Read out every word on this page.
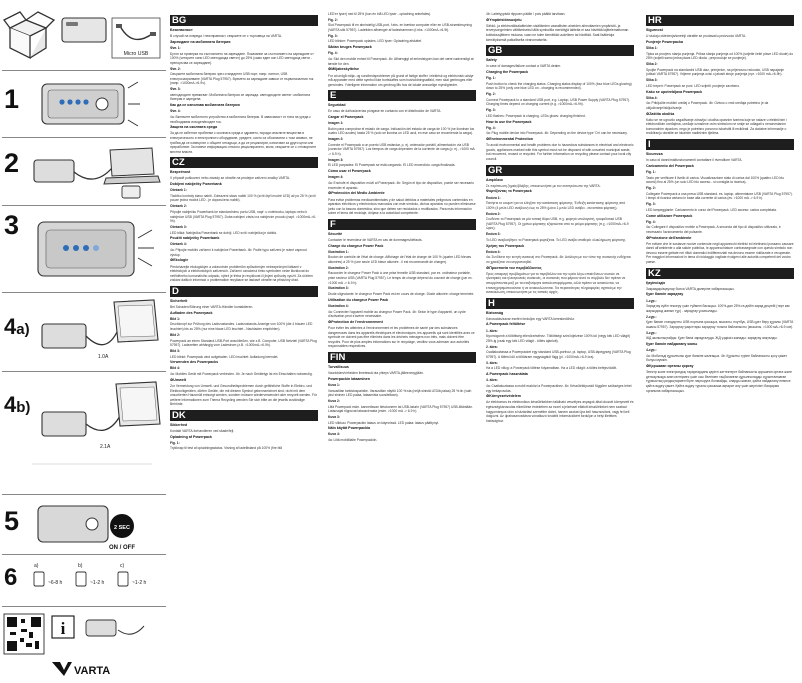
Micro USB
1
2
3
4a)
1.0A
4b)
2.1A
5	2 SEC
ON / OFF
6	a)	b)	c)
~6-8 h	~1-2 h	~1-2 h
i
VARTA
BG

Безопасност

В случай на повреда / неизправност, свържете се с търговеца на VARTA.

Зареждане на мобилната батерия

Фиг. 1:

Бутон за проверка на състоянието на зареждане. Показание за състоянието на зареждане от 100% (четирите сини LED светодиода светят) до 25% (само един син LED светодиод свети - препоръчва се зареждане).

Фиг. 2:

Свържете мобилната батерия чрез стандартен USB порт, напр. лаптоп, USB електрозахранване (VARTA Plug 57957). Времето за зареждане зависи от първоначалния ток (напр. >1000mA->6-9ч).

Фиг. 3:

светодиодите премигват: Мобилната батерия се зарежда. светодиодите светят: мобилната батерия е заредена.

Как да се използва мобилната батерия

Фиг. 4:

4а: Включете мобилното устройство в мобилната батерия. В зависимост от типа на уреда с необходимия изходен/входен ток.

Защита на околната среда

За да се избегнат проблеми с околната среда и здравето, поради опасните вещества в електрическото и електронното оборудване, уредите, които са обозначени с този символ, не трябва да се изхвърлят с общите отпадъци, а да се рециклират, използват за други цели или преработват. За повече информация относно рециклирането, моля, свържете се с отговорните местни власти.

CZ

Bezpečnost

V případě poškození nebo závady se obraťte na prodejce zařízení značky VARTA.

Dobíjení nabíječky Powerbank

Obrázek 1:

Tlačítko kontroly stavu nabití. Zobrazení stavu nabití 100 % (svítí čtyři modré LED) až po 25 % (svítí pouze jedna modrá LED - je doporučeno nabití).

Obrázek 2:

Připojte nabíječku Powerbank ke standardnímu portu USB, např. u notebooku, laptopu nebo k nabíječce USB (VARTA Plug 57957). Doba nabíjení závisí na nabíjecím proudu (např. >1000mA->6-9h).

Obrázek 3:

LED bliká: Nabíječka Powerbank se dobíjí. LED svítí: nabíječka je dobitá.

Použití nabíječky Powerbank

Obrázek 4:

4a: Připojte mobilní zařízení k nabíječce Powerbank. 4b: Podle typu zařízení je nutné zapnout výstup.

♻ Ekologie

Předcházejte ekologickým a zdravotním problémům způsobeným nebezpečnými látkami v elektrických a elektronických zařízeních. Zařízení označená tímto symbolem nelze likvidovat do netříděného komunálního odpadu, nýbrž je třeba je recyklovat či jinými způsoby využít. Za účelem získání dalších informací o problematice recyklace se laskavě obraťte na příslušný úřad.

D

Sicherheit

Bei Schaden/Störung einer VARTA-Händler kontaktieren.

Aufladen des Powerpack

Bild 1:

Druckknopf zur Prüfung des Ladezustandes. Ladezustands-Anzeige von 100% (die 4 blauen LED leuchten) bis zu 25% (nur eine blaue LED leuchtet - Nachladen empfohlen).

Bild 2:

Powerpack an einen Standard-USB-Port anschließen, wie z.B. Computer, USB Netzteil (VARTA Plug 57957). Ladezeiten abhängig vom Ladestrom (z.B. >1000mA->6-9h).

Bild 3:

LED blinkt: Powerpack wird aufgeladen. LED leuchtet: Aufladung beendet.

Verwenden des Powerpacks

Bild 4:

4a: Mobiles Gerät mit Powerpack verbinden. 4b: Je nach Gerätetyp ist ein Einschalten notwendig.

♻ Umwelt

Zur Vermeidung von Umwelt- und Gesundheitsproblemen durch gefährliche Stoffe in Elektro- und Elektronikgeräten, dürfen Geräte, die mit diesem Symbol gekennzeichnet sind, nicht mit dem unsortierten Hausmüll entsorgt werden, sondern müssen wiederverwendet oder recycelt werden. Für weitere Informationen zum Thema Recycling wenden Sie sich bitte an die jeweils zuständige Behörde.

DK

Sikkerhed

Kontakt VARTA-forhandleren ved skade/fejl.

Opladning af Powerpack

Fig. 1:

Trykknap til test af opladningsstatus. Visning af ladetilstand på 100% (fire blå

LED'er lyser) ned til 25% (kun én blå LED lyser - opladning anbefales).

Fig. 2:

Slut Powerpack til en almindelig USB-port, f.eks. en bærbar computer eller en USB-strømforsyning (VARTA stik 57957). Ladetiden afhænger af ladestrømmen (f.eks. >1000mA->6-9t).

Fig. 3:

LED blinker: Powerpack oplades. LED lyser: Opladning afsluttet.

Sådan bruges Powerpack

Fig. 4:

4a: Slut den mobile enhed til Powerpack. 4b: Afhængigt af enhedstypen kan det være nødvendigt at tænde for den.

♻ Miljøbeskyttelse

For at undgå miljø- og sundhedsproblemer på grund af farlige stoffer i elektrisk og elektronisk udstyr må apparater med dette symbol ikke bortskaffes som husholdningsaffald, men skal genbruges eller genvindes. Yderligere information om genbrug fås hos de lokale ansvarlige myndigheder.

E

Seguridad

En caso de daños/averías póngase en contacto con el distribuidor de VARTA.

Cargar el Powerpack

Imagen 1:

Botón para comprobar el estado de carga. Indicación del estado de carga de 100 % (se iluminan los cuatro LED azules) hasta 25 % (solo se ilumina un LED azul, en ese caso se recomienda la carga).

Imagen 2:

Conecte el Powerpack a un puerto USB estándar, p. ej. ordenador portátil, alimentación vía USB (conector VARTA 57957). Los tiempos de carga dependen de la corriente de carga (p. ej., >1000 mA -> 6-9 h).

Imagen 3:

El LED parpadea: El Powerpack se está cargando. El LED encendido: carga finalizada.

Cómo usar el Powerpack

Imagen 4:

4a: Enchufe el dispositivo móvil al Powerpack. 4b: Según el tipo de dispositivo, puede ser necesario encender el aparato.

♻ Protección del Medio Ambiente

Para evitar problemas medioambientales y de salud debidos a materiales peligrosos contenidos en aparatos eléctricos y electrónicos marcados con este símbolo, dichos aparatos no pueden eliminarse junto con la basura doméstica, sino que deben ser reciclados o reutilizados. Para más información sobre el tema del reciclaje, diríjase a la autoridad competente.

F

Sécurité

Contacter le revendeur de VARTA en cas de dommages/défauts.

Charge du chargeur Power Pack

Illustration 1:

Bouton de contrôle de l'état de charge. Affichage de l'état de charge de 100 % (quatre LED bleues allumées) à 25 % (une seule LED bleue allumée - il est recommandé de charger).

Illustration 2:

Raccorder le chargeur Power Pack à une prise femelle USB standard, par ex. ordinateur portable, prise secteur USB (VARTA Plug 57957). Le temps de charge dépend du courant de charge (par ex. >1000 mA -> 6-9 h).

Illustration 3:

Diode clignotante: le chargeur Power Pack est en cours de charge. Diode allumée: charge terminée.

Utilisation du chargeur Power Pack

Illustration 4:

4a: Connecter l'appareil mobile au chargeur Power Pack. 4b: Selon le type d'appareil, un cycle d'activation peut s'avérer nécessaire.

♻ Protection de l'environnement

Pour éviter les atteintes à l'environnement et les problèmes de santé par des substances dangereuses dans les appareils électriques et électroniques, les appareils qui sont identifiés avec ce symbole ne doivent pas être éliminés dans les déchets ménagers non triés, mais doivent être recyclés. Pour de plus amples informations sur le recyclage, veuillez vous adresser aux autorités responsables respectives.

FIN

Turvallisuus

Vaurioiden/virheiden ilmetessä ota yhteys VARTA-jälleenmyyjään.

Powerpackin lataaminen

Kuva 1:

Varaustilan tarkistuspainike. Varaustilan näyttö 100 %:sta (neljä sinistä LEDiä palaa) 25 %:iin (vain yksi sininen LED palaa, lataamista suositellaan).

Kuva 2:

Liitä Powerpack esim. kannettavan tietokoneen tai USB-laturin (VARTA Plug 57957) USB-liitäntään. Latausajat riippuvat latausvirrasta (esim. >1000 mA -> 6-9 h).

Kuva 3:

LED vilkkuu: Powerpackin lataus on käynnissä. LED palaa: lataus päättynyt.

Näin käytät Powerpackia

Kuva 4:

4a: Liitä mobiililaite Powerpackiin.

4b: Laitetyypistä riippuen päälle / pois päältä tarvitaan.

♻ Ympäristönsuojelu

Sähkö- ja elektroniikkalaitteiden sisältämien vaarallisten aineiden aiheuttamien ympäristö- ja terveysongelmien välttämiseksi tällä symbolilla merkittyjä laitteita ei saa hävittää lajittelemattoman kotitalousjätteen mukana, vaan ne tulee kierrättää uudelleen tai hävittää. Saat lisätietoja kierrätyksestä paikalliselta viranomaiselta.

GB

Safety

In case of damages/failure contact a VARTA dealer.

Charging the Powerpack

Fig. 1:

Push button to check the charging status. Charging status display of 100% (four blue LEDs glowing) down to 25% (only one blue LED on - charging is recommended).

Fig. 2:

Connect Powerpack to a standard USB port, e.g. Laptop, USB Power Supply (VARTA Plug 57957). Charging times depend on charging current (e.g. >1000mA->6-9h).

Fig. 3:

LED flashes: Powerpack is charging. LEDs glows: charging finished.

How to use the Powerpack

Fig. 4:

4a: Plug mobile device into Powerpack. 4b: Depending on the device type 'On' can be necessary.

♻ Environmental Protection

To avoid environmental and health problems due to hazardous substances in electrical and electronic goods, appliances marked with this symbol must not be disposed of with unsorted municipal waste, but recovered, reused or recycled. For further information on recycling please contact your local city council.

GR

Ασφάλεια

Σε περίπτωση ζημιάς/βλάβης, επικοινωνήστε με τον αντιπρόσωπο της VARTA.

Φορτίζοντας το Powerpack

Εικόνα 1:

Πατήστε το κουμπί για να ελέγξετε την κατάσταση φόρτισης. Ένδειξη κατάστασης φόρτισης από 100% (4 μπλε LED ανάβουν) έως το 25% (μόνο 1 μπλε LED ανάβει - συνιστάται φόρτιση).

Εικόνα 2:

Συνδέστε το Powerpack σε μία τυπική θύρα USB, π.χ. φορητό υπολογιστή, τροφοδοτικό USB (VARTA Plug 57957). Οι χρόνοι φόρτισης εξαρτώνται από το ρεύμα φόρτισης (π.χ. >1000mA->6-9 ώρες).

Εικόνα 3:

Το LED αναβοσβήνει: το Powerpack φορτίζεται. Το LED ανάβει σταθερά: ολοκλήρωση φόρτισης.

Χρήση του Powerpack

Εικόνα 4:

4a: Συνδέστε την κινητή συσκευή στο Powerpack. 4b: Ανάλογα με τον τύπο της συσκευής ενδέχεται να χρειάζεται να ενεργοποιηθεί.

♻ Προστασία του περιβάλλοντος

Προς αποφυγή προβλημάτων για το περιβάλλον και την υγεία λόγω επικίνδυνων ουσιών σε ηλεκτρικές και ηλεκτρονικές συσκευές, οι συσκευές που φέρουν αυτό το σύμβολο δεν πρέπει να απορρίπτονται μαζί με τα αταξινόμητα αστικά απορρίμματα, αλλά πρέπει να ανακτώνται, να επαναχρησιμοποιούνται ή να ανακυκλώνονται. Για περισσότερες πληροφορίες σχετικά με την ανακύκλωση, επικοινωνήστε με τις τοπικές αρχές.

H

Biztonság

Károsodás/zavar esetén forduljon egy VARTA kereskedőhöz.

A Powerpack feltöltése

1. ábra:

Nyomógomb a töltöttség ellenőrzéséhez. Töltöttségi szint kijelzése 100%-tól (négy kék LED világít) 25%-ig (csak egy kék LED világít - töltés ajánlott).

2. ábra:

Csatlakoztassa a Powerpacket egy standard USB-porthoz, pl. laptop, USB-tápegység (VARTA Plug 57957). A töltési idő a töltőáram nagyságától függ (pl. >1000mA->6-9 óra).

3. ábra:

Ha a LED villog: a Powerpack töltése folyamatban. Ha a LED világít: a töltés befejeződött.

A Powerpack használata

4. ábra:

4a: Csatlakoztassa a mobil eszközt a Powerpackhez. 4b: Készüléktípustól függően szükséges lehet egy bekapcsolás.

♻ Környezetvédelem

Az elektromos és elektronikus készülékekben található veszélyes anyagok által okozott környezeti és egészségkárosodás elkerülése érdekében az ezzel a jelzéssel ellátott készülékeket nem szabad hagyományos útón a háztartási szemétbe dobni, hanem azokat újra kell hasznosítani, vagy fel kell dolgozni. Az újrahasznosításra vonatkozó további információkért forduljon a helyi illetékes hatósághoz.

HR

Sigurnost

U slučaju oštećenja/smetnji obratite se prodavaču proizvoda VARTA.

Punjenje Powerpacka

Slika 1:

Tipka za provjeru stanja punjenja. Prikaz stanja punjenja od 100% (svijetle četiri plave LED diode) do 25% (svijetli samo jedna plava LED dioda - preporučuje se punjenje).

Slika 2:

Spojite Powerpack na standardni USB ulaz, primjerice, na prijenosno računalo, USB napajanje (utikač VARTA 57957). Vrijeme punjenja ovisi o jakosti struje punjenja (npr. >1000 mA->6-9h).

Slika 3:

LED treperi: Powerpack se puni. LED svijetli: punjenje završeno.

Kako se upotrebljava Powerpack

Slika 4:

4a: Priključite mobilni uređaj u Powerpack. 4b: Ovisno o vrsti uređaja potrebno je da uključivanje/isključivanje.

♻ Zaštita okoliša

Kako se ne ugrozilo zagađivanje zdravlja i okoliša opasnim tvarima koje se nalaze u električnim i elektroničkim uređajima, uređaje označene ovim simbolom ne smije se odlagati s nerazvrstanim komunalnim otpadom, nego je potrebno ponovno iskoristiti ili reciklirati. Za dodatne informacije o recikliranju obratite se lokalnim nadležnim tijelima.

I

Sicurezza

In caso di danni/malfunzionamenti contattare il rivenditore VARTA.

Caricamento del Powerpack

Fig. 1:

Tasto per verificare il livello di carica. Visualizzazione stato di carica dal 100% (quattro LED blu accesi) fino al 25% (un solo LED blu acceso - si consiglia la ricarica).

Fig. 2:

Collegare Powerpack a una presa USB standard, es. laptop, alimentatore USB (VARTA Plug 57957). I tempi di ricarica variano in base alla corrente di carica (es. >1000 mA -> 6-9 h).

Fig. 3:

LED lampeggiante: Caricamento in corso del Powerpack. LED acceso: carica completata.

Come utilizzare Powerpack

Fig. 4:

4a: Collegare il dispositivo mobile a Powerpack. A seconda del tipo di dispositivo utilizzato, è necessario l'azionamento del pulsante.

♻ Protezione dell'ambiente

Per evitare che le sostanze nocive contenute negli apparecchi elettrici ed elettronici possano causare danni all'ambiente o alla salute pubblica, le apparecchiature contrassegnate con questo simbolo non devono essere gettate nei rifiuti domestici indifferenziati ma devono essere riutilizzate e recuperate. Per maggiori informazioni in tema di riciclaggio vogliate rivolgervi alle autorità competenti del vostro paese.

KZ

Қауіпсіздік

Зақымдар/ақаулар болса VARTA дилеріне хабарласыңыз.

Қуат банкін зарядтау

1-сур.:

Зарядтау күйін тексеру үшін түймені басыңыз. 100%-дан 25%-ға дейін заряд деңгейі (төрт көк жарықдиод жанып тұр) - зарядтау ұсынылады.

2-сур.:

Қуат банкін стандартты USB портына қосыңыз, мысалы, ноутбук, USB қуат беру құралы (VARTA ашасы 57957). Зарядтау уақыттары зарядтау тогына байланысты (мысалы, >1000 мА->6-9 сағ).

3-сур.:

ЖД жыпылықтайды: Қуат банкі зарядталуда. ЖД үздіксіз жанады: зарядтау аяқталды.

Қуат банкін пайдалану жолы

4-сур.:

4а: Мобильді құрылғыны қуат банкіне жалғаңыз. 4b: Құрылғы түріне байланысты қосу қажет болуы мүмкін.

♻ Қоршаған ортаны қорғау

Электр және электрондық тауарлардағы қауіпті заттектерге байланысты қоршаған ортаға және денсаулыққа зиян келтірмес үшін осы белгімен таңбаланған құрылғыларды сұрыпталмаған тұрмыстық қалдықтармен бірге лақтыруға болмайды, оларды жинап, қайта пайдалану немесе қайта өңдеу қажет. Қайта өңдеу туралы қосымша ақпарат алу үшін жергілікті басқарма органына хабарласыңыз.
